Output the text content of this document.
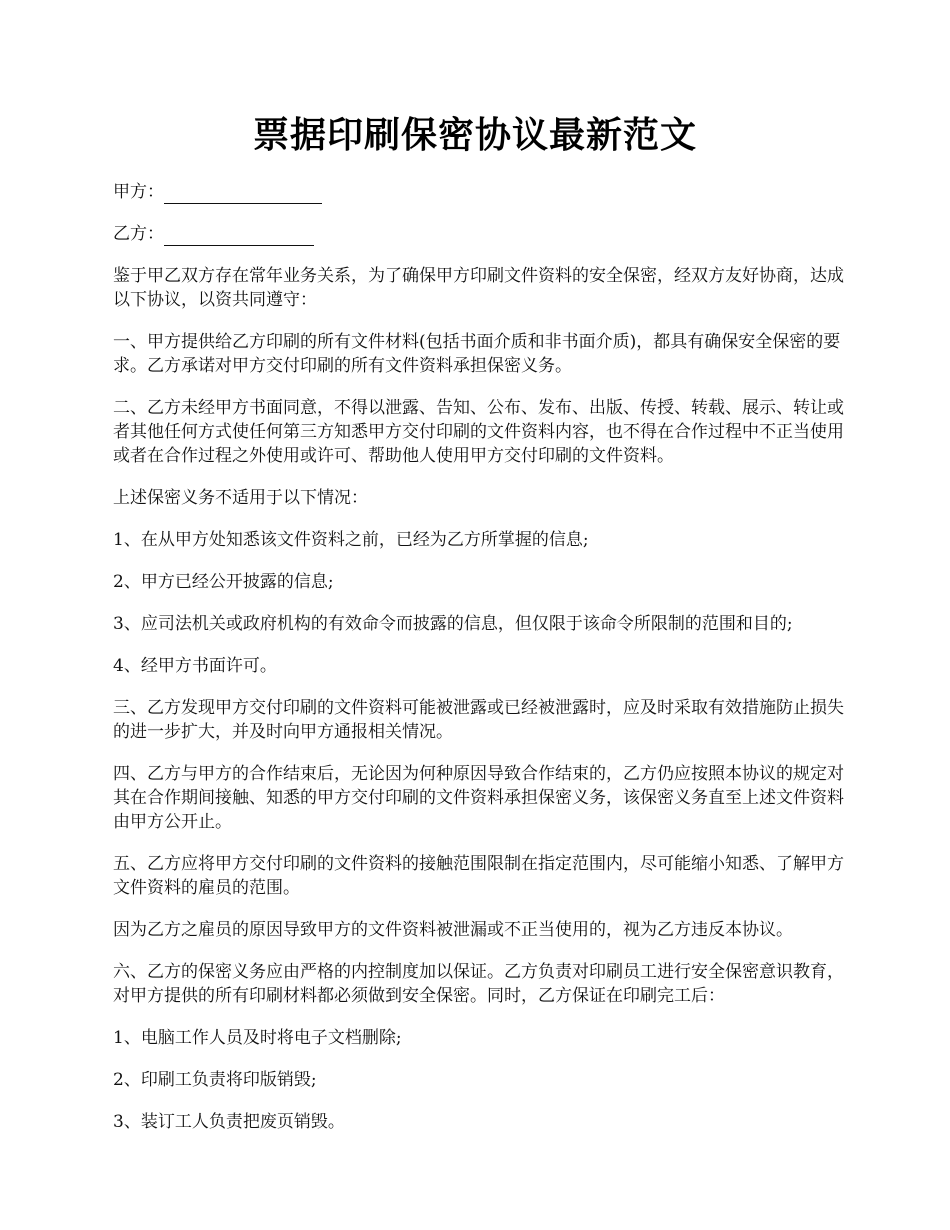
票据印刷保密协议最新范文

甲方：

乙方：

鉴于甲乙双方存在常年业务关系，为了确保甲方印刷文件资料的安全保密，经双方友好协商，达成以下协议，以资共同遵守：

一、甲方提供给乙方印刷的所有文件材料(包括书面介质和非书面介质)，都具有确保安全保密的要求。乙方承诺对甲方交付印刷的所有文件资料承担保密义务。

二、乙方未经甲方书面同意，不得以泄露、告知、公布、发布、出版、传授、转载、展示、转让或者其他任何方式使任何第三方知悉甲方交付印刷的文件资料内容，也不得在合作过程中不正当使用或者在合作过程之外使用或许可、帮助他人使用甲方交付印刷的文件资料。

上述保密义务不适用于以下情况：

1、在从甲方处知悉该文件资料之前，已经为乙方所掌握的信息;

2、甲方已经公开披露的信息;

3、应司法机关或政府机构的有效命令而披露的信息，但仅限于该命令所限制的范围和目的;

4、经甲方书面许可。

三、乙方发现甲方交付印刷的文件资料可能被泄露或已经被泄露时，应及时采取有效措施防止损失的进一步扩大，并及时向甲方通报相关情况。

四、乙方与甲方的合作结束后，无论因为何种原因导致合作结束的，乙方仍应按照本协议的规定对其在合作期间接触、知悉的甲方交付印刷的文件资料承担保密义务，该保密义务直至上述文件资料由甲方公开止。

五、乙方应将甲方交付印刷的文件资料的接触范围限制在指定范围内，尽可能缩小知悉、了解甲方文件资料的雇员的范围。

因为乙方之雇员的原因导致甲方的文件资料被泄漏或不正当使用的，视为乙方违反本协议。

六、乙方的保密义务应由严格的内控制度加以保证。乙方负责对印刷员工进行安全保密意识教育，对甲方提供的所有印刷材料都必须做到安全保密。同时，乙方保证在印刷完工后：

1、电脑工作人员及时将电子文档删除;

2、印刷工负责将印版销毁;

3、装订工人负责把废页销毁。
